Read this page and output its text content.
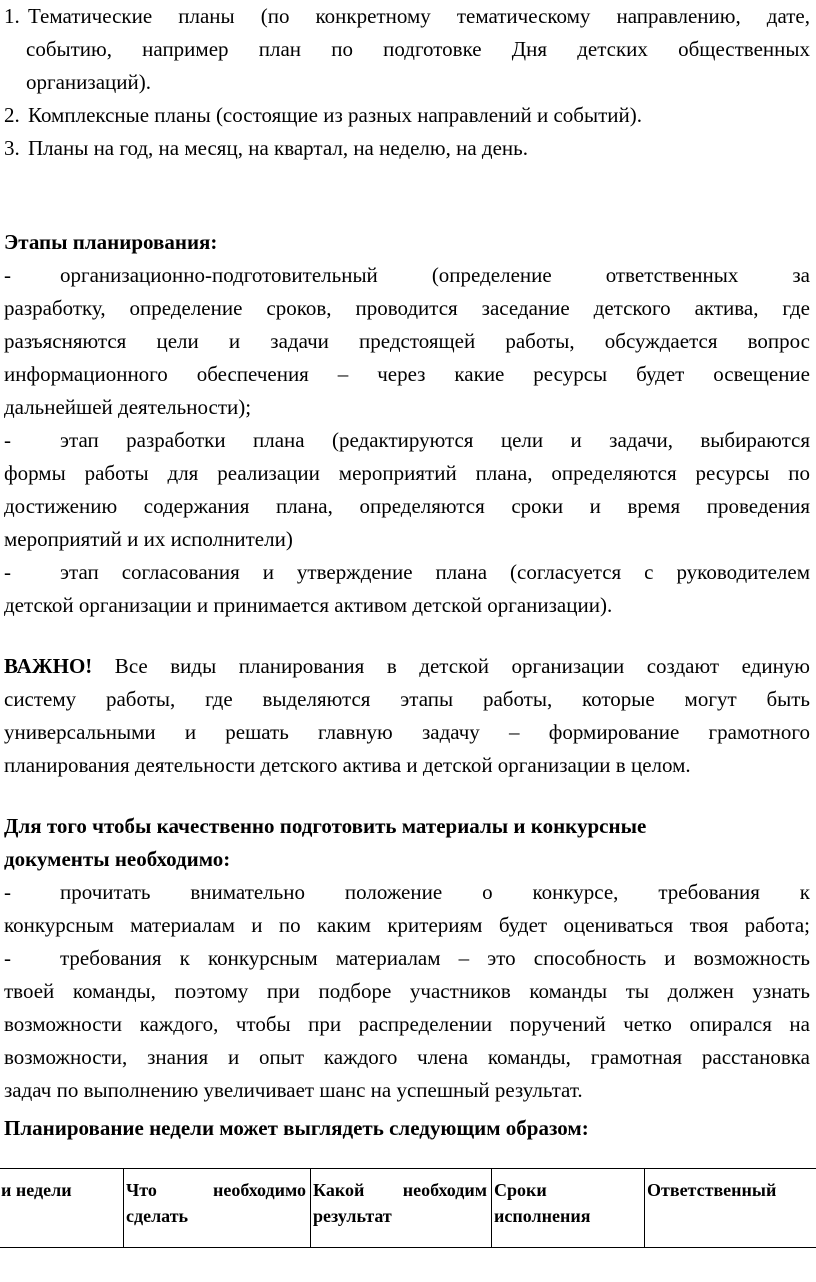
1. Тематические планы (по конкретному тематическому направлению, дате,
событию, например план по подготовке Дня детских общественных
организаций).
2. Комплексные планы (состоящие из разных направлений и событий).
3. Планы на год, на месяц, на квартал, на неделю, на день.
Этапы планирования:
- организационно-подготовительный (определение ответственных за
разработку, определение сроков, проводится заседание детского актива, где
разъясняются цели и задачи предстоящей работы, обсуждается вопрос
информационного обеспечения – через какие ресурсы будет освещение
дальнейшей деятельности);
- этап разработки плана (редактируются цели и задачи, выбираются
формы работы для реализации мероприятий плана, определяются ресурсы по
достижению содержания плана, определяются сроки и время проведения
мероприятий и их исполнители)
- этап согласования и утверждение плана (согласуется с руководителем
детской организации и принимается активом детской организации).
ВАЖНО! Все виды планирования в детской организации создают единую
систему работы, где выделяются этапы работы, которые могут быть
универсальными и решать главную задачу – формирование грамотного
планирования деятельности детского актива и детской организации в целом.
Для того чтобы качественно подготовить материалы и конкурсные
документы необходимо:
- прочитать внимательно положение о конкурсе, требования к
конкурсным материалам и по каким критериям будет оцениваться твоя работа;
- требования к конкурсным материалам – это способность и возможность
твоей команды, поэтому при подборе участников команды ты должен узнать
возможности каждого, чтобы при распределении поручений четко опирался на
возможности, знания и опыт каждого члена команды, грамотная расстановка
задач по выполнению увеличивает шанс на успешный результат.
Планирование недели может выглядеть следующим образом:
и недели	Что необходимо сделать	Какой необходим результат	Сроки исполнения	Ответственный
